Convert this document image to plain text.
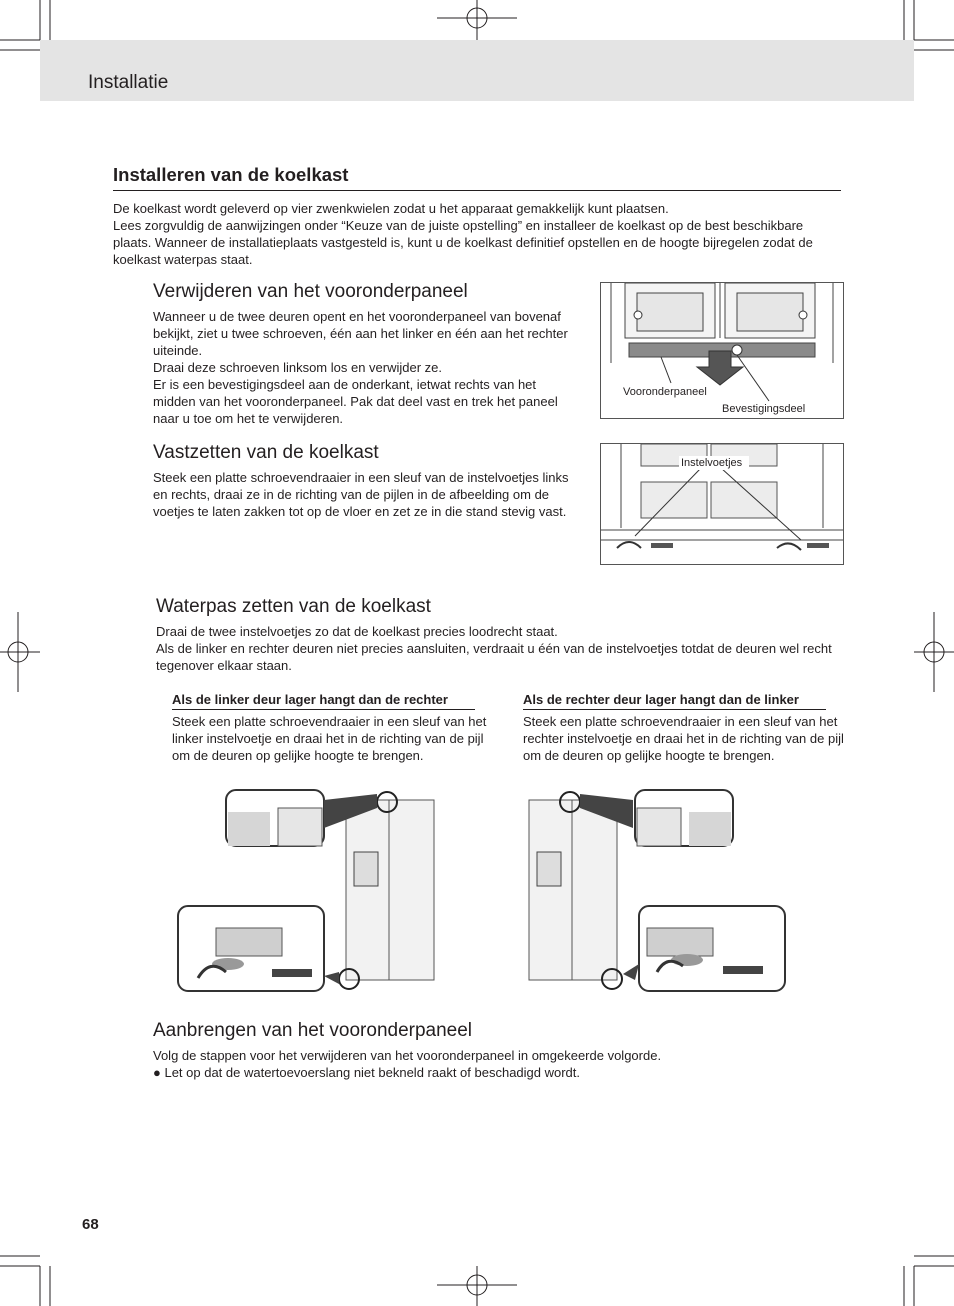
Installatie
Installeren van de koelkast

De koelkast wordt geleverd op vier zwenkwielen zodat u het apparaat gemakkelijk kunt plaatsen.

Lees zorgvuldig de aanwijzingen onder “Keuze van de juiste opstelling” en installeer de koelkast op de best beschikbare plaats. Wanneer de installatieplaats vastgesteld is, kunt u de koelkast definitief opstellen en de hoogte bijregelen zodat de koelkast waterpas staat.

Verwijderen van het vooronderpaneel

Wanneer u de twee deuren opent en het vooronderpaneel van bovenaf bekijkt, ziet u twee schroeven, één aan het linker en één aan het rechter uiteinde.

Draai deze schroeven linksom los en verwijder ze.

Er is een bevestigingsdeel aan de onderkant, ietwat rechts van het midden van het vooronderpaneel. Pak dat deel vast en trek het paneel naar u toe om het te verwijderen.

Vooronderpaneel
Bevestigingsdeel
Vastzetten van de koelkast
Steek een platte schroevendraaier in een sleuf van de instelvoetjes links en rechts, draai ze in de richting van de pijlen in de afbeelding om de voetjes te laten zakken tot op de vloer en zet ze in die stand stevig vast.
Instelvoetjes
Waterpas zetten van de koelkast

Draai de twee instelvoetjes zo dat de koelkast precies loodrecht staat.

Als de linker en rechter deuren niet precies aansluiten, verdraait u één van de instelvoetjes totdat de deuren wel recht tegenover elkaar staan.

Als de linker deur lager hangt dan de rechter
Steek een platte schroevendraaier in een sleuf van het linker instelvoetje en draai het in de richting van de pijl om de deuren op gelijke hoogte te brengen.
Als de rechter deur lager hangt dan de linker
Steek een platte schroevendraaier in een sleuf van het rechter instelvoetje en draai het in de richting van de pijl om de deuren op gelijke hoogte te brengen.
Aanbrengen van het vooronderpaneel

Volg de stappen voor het verwijderen van het vooronderpaneel in omgekeerde volgorde.

● Let op dat de watertoevoerslang niet bekneld raakt of beschadigd wordt.

68
